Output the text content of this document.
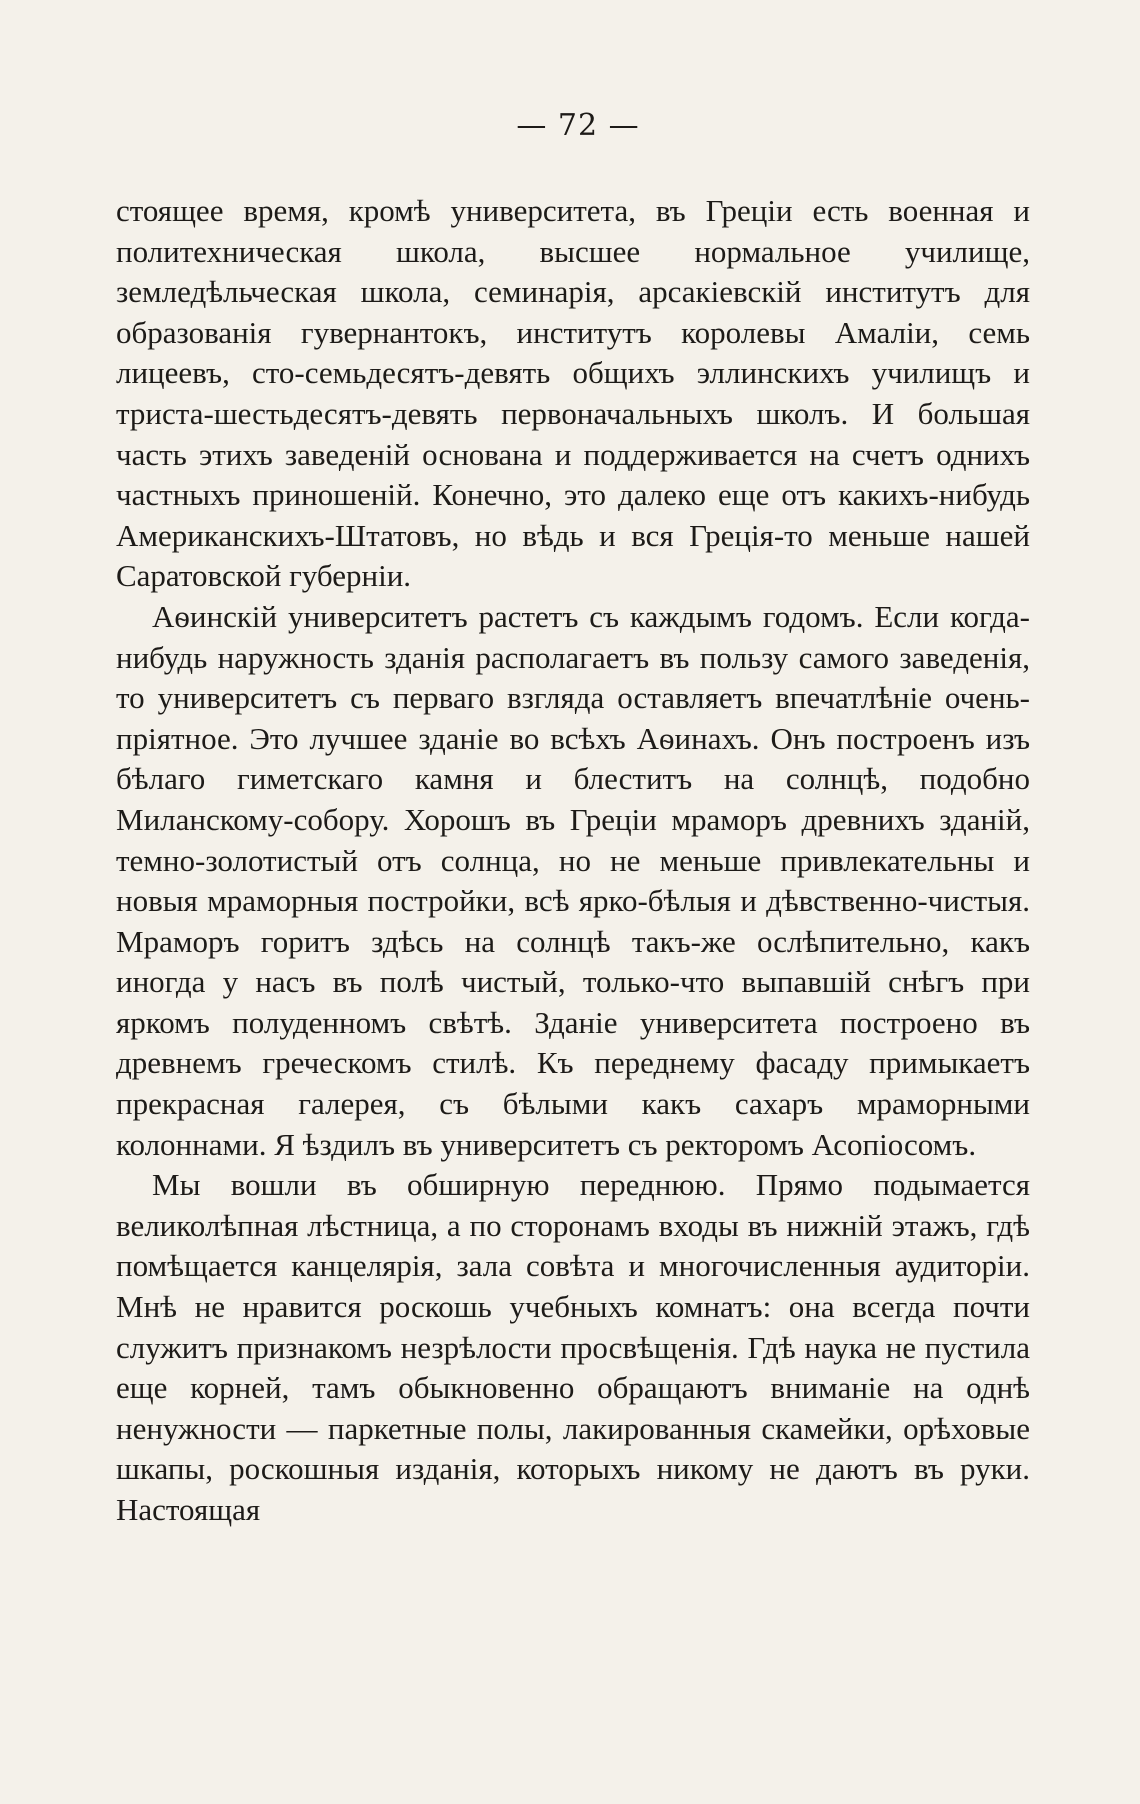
— 72 —

стоящее время, кромѣ университета, въ Греціи есть военная и политехническая школа, высшее нормальное училище, земледѣльческая школа, семинарія, арсакіевскій институтъ для образованія гувернантокъ, институтъ королевы Амаліи, семь лицеевъ, сто-семьдесятъ-девять общихъ эллинскихъ училищъ и триста-шестьдесятъ-девять первоначальныхъ школъ. И большая часть этихъ заведеній основана и поддерживается на счетъ однихъ частныхъ приношеній. Конечно, это далеко еще отъ какихъ-нибудь Американскихъ-Штатовъ, но вѣдь и вся Греція-то меньше нашей Саратовской губерніи.

Аѳинскій университетъ растетъ съ каждымъ годомъ. Если когда-нибудь наружность зданія располагаетъ въ пользу самого заведенія, то университетъ съ перваго взгляда оставляетъ впечатлѣніе очень-пріятное. Это лучшее зданіе во всѣхъ Аѳинахъ. Онъ построенъ изъ бѣлаго гиметскаго камня и блеститъ на солнцѣ, подобно Миланскому-собору. Хорошъ въ Греціи мраморъ древнихъ зданій, темно-золотистый отъ солнца, но не меньше привлекательны и новыя мраморныя постройки, всѣ ярко-бѣлыя и дѣвственно-чистыя. Мраморъ горитъ здѣсь на солнцѣ такъ-же ослѣпительно, какъ иногда у насъ въ полѣ чистый, только-что выпавшій снѣгъ при яркомъ полуденномъ свѣтѣ. Зданіе университета построено въ древнемъ греческомъ стилѣ. Къ переднему фасаду примыкаетъ прекрасная галерея, съ бѣлыми какъ сахаръ мраморными колоннами. Я ѣздилъ въ университетъ съ ректоромъ Асопіосомъ.

Мы вошли въ обширную переднюю. Прямо подымается великолѣпная лѣстница, а по сторонамъ входы въ нижній этажъ, гдѣ помѣщается канцелярія, зала совѣта и многочисленныя аудиторіи. Мнѣ не нравится роскошь учебныхъ комнатъ: она всегда почти служитъ признакомъ незрѣлости просвѣщенія. Гдѣ наука не пустила еще корней, тамъ обыкновенно обращаютъ вниманіе на однѣ ненужности — паркетные полы, лакированныя скамейки, орѣховые шкапы, роскошныя изданія, которыхъ никому не даютъ въ руки. Настоящая
